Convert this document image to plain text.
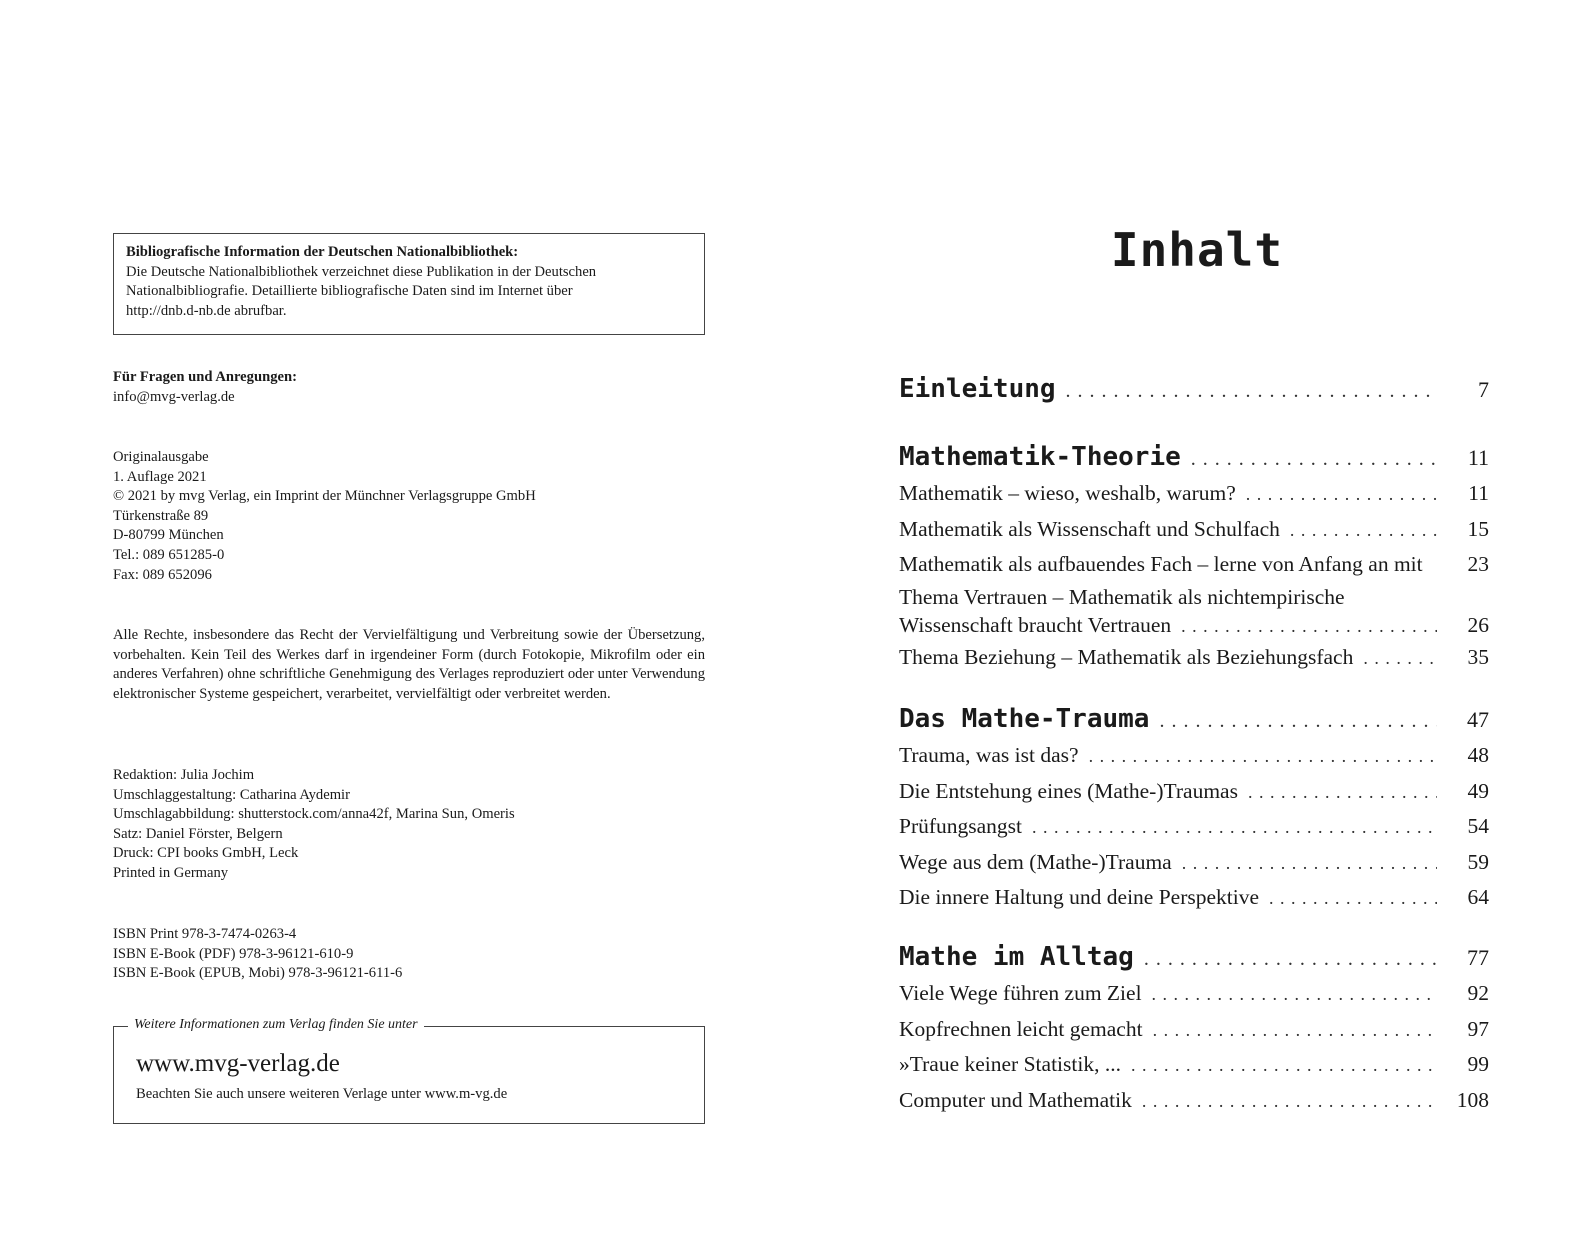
Bibliografische Information der Deutschen Nationalbibliothek:
Die Deutsche Nationalbibliothek verzeichnet diese Publikation in der Deutschen
Nationalbibliografie. Detaillierte bibliografische Daten sind im Internet über
http://dnb.d-nb.de abrufbar.
Für Fragen und Anregungen:
info@mvg-verlag.de
Originalausgabe
1. Auflage 2021
© 2021 by mvg Verlag, ein Imprint der Münchner Verlagsgruppe GmbH
Türkenstraße 89
D-80799 München
Tel.: 089 651285-0
Fax: 089 652096
Alle Rechte, insbesondere das Recht der Vervielfältigung und Verbreitung sowie der Übersetzung, vorbehalten. Kein Teil des Werkes darf in irgendeiner Form (durch Fotokopie, Mikrofilm oder ein anderes Verfahren) ohne schriftliche Genehmigung des Verlages reproduziert oder unter Verwendung elektronischer Systeme gespeichert, verarbeitet, vervielfältigt oder verbreitet werden.
Redaktion: Julia Jochim
Umschlaggestaltung: Catharina Aydemir
Umschlagabbildung: shutterstock.com/anna42f, Marina Sun, Omeris
Satz: Daniel Förster, Belgern
Druck: CPI books GmbH, Leck
Printed in Germany
ISBN Print 978-3-7474-0263-4
ISBN E-Book (PDF) 978-3-96121-610-9
ISBN E-Book (EPUB, Mobi) 978-3-96121-611-6
Weitere Informationen zum Verlag finden Sie unter
www.mvg-verlag.de
Beachten Sie auch unsere weiteren Verlage unter www.m-vg.de
Inhalt
Einleitung . . .	7
Mathematik-Theorie . . .	11
Mathematik – wieso, weshalb, warum? . . .	11
Mathematik als Wissenschaft und Schulfach . . .	15
Mathematik als aufbauendes Fach – lerne von Anfang an mit	23
Thema Vertrauen – Mathematik als nichtempirische
Wissenschaft braucht Vertrauen . . .	26
Thema Beziehung – Mathematik als Beziehungsfach . . .	35
Das Mathe-Trauma . . .	47
Trauma, was ist das? . . .	48
Die Entstehung eines (Mathe-)Traumas . . .	49
Prüfungsangst . . .	54
Wege aus dem (Mathe-)Trauma . . .	59
Die innere Haltung und deine Perspektive . . .	64
Mathe im Alltag . . .	77
Viele Wege führen zum Ziel . . .	92
Kopfrechnen leicht gemacht . . .	97
»Traue keiner Statistik, ... . . .	99
Computer und Mathematik . . .	108
